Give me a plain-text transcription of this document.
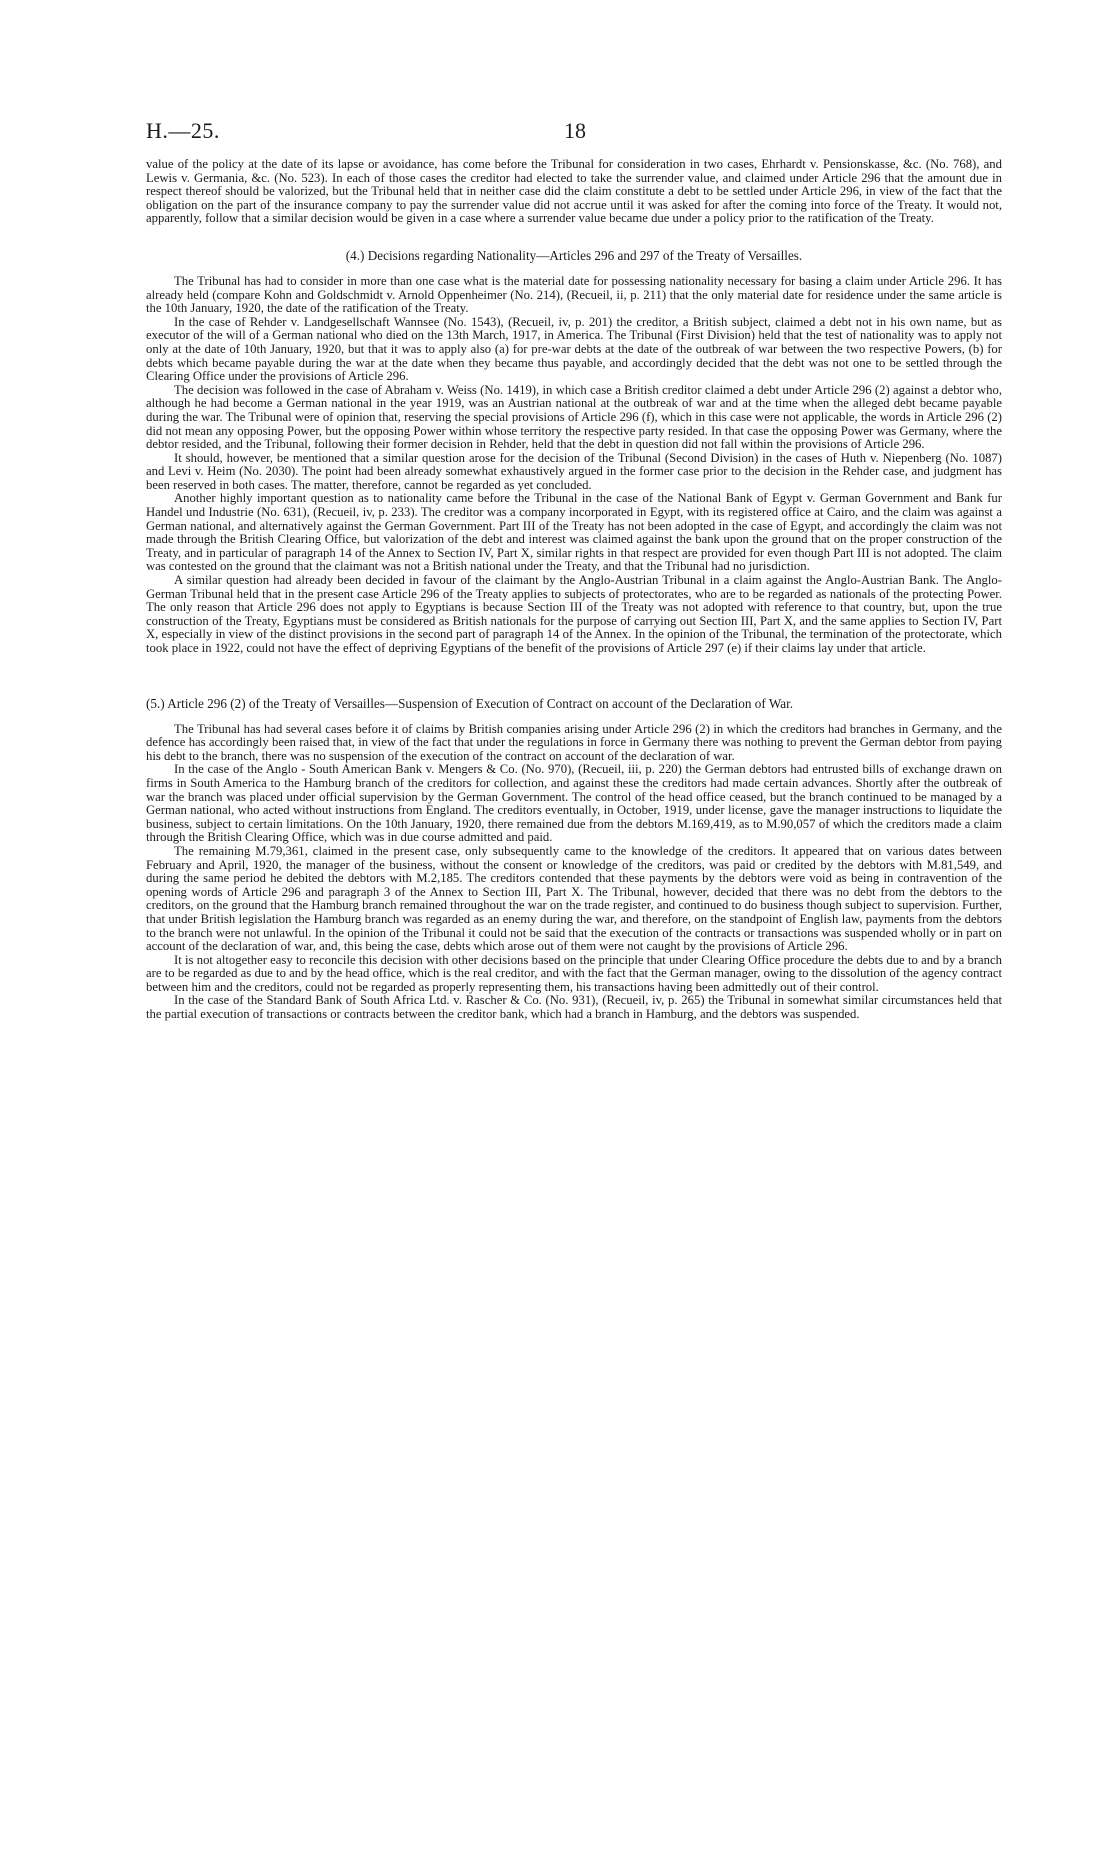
H.—25.	18

value of the policy at the date of its lapse or avoidance, has come before the Tribunal for consideration in two cases, Ehrhardt v. Pensionskasse, &c. (No. 768), and Lewis v. Germania, &c. (No. 523). In each of those cases the creditor had elected to take the surrender value, and claimed under Article 296 that the amount due in respect thereof should be valorized, but the Tribunal held that in neither case did the claim constitute a debt to be settled under Article 296, in view of the fact that the obligation on the part of the insurance company to pay the surrender value did not accrue until it was asked for after the coming into force of the Treaty. It would not, apparently, follow that a similar decision would be given in a case where a surrender value became due under a policy prior to the ratification of the Treaty.

(4.) Decisions regarding Nationality—Articles 296 and 297 of the Treaty of Versailles.

The Tribunal has had to consider in more than one case what is the material date for possessing nationality necessary for basing a claim under Article 296. It has already held (compare Kohn and Goldschmidt v. Arnold Oppenheimer (No. 214), (Recueil, ii, p. 211) that the only material date for residence under the same article is the 10th January, 1920, the date of the ratification of the Treaty.

In the case of Rehder v. Landgesellschaft Wannsee (No. 1543), (Recueil, iv, p. 201) the creditor, a British subject, claimed a debt not in his own name, but as executor of the will of a German national who died on the 13th March, 1917, in America. The Tribunal (First Division) held that the test of nationality was to apply not only at the date of 10th January, 1920, but that it was to apply also (a) for pre-war debts at the date of the outbreak of war between the two respective Powers, (b) for debts which became payable during the war at the date when they became thus payable, and accordingly decided that the debt was not one to be settled through the Clearing Office under the provisions of Article 296.

The decision was followed in the case of Abraham v. Weiss (No. 1419), in which case a British creditor claimed a debt under Article 296 (2) against a debtor who, although he had become a German national in the year 1919, was an Austrian national at the outbreak of war and at the time when the alleged debt became payable during the war. The Tribunal were of opinion that, reserving the special provisions of Article 296 (f), which in this case were not applicable, the words in Article 296 (2) did not mean any opposing Power, but the opposing Power within whose territory the respective party resided. In that case the opposing Power was Germany, where the debtor resided, and the Tribunal, following their former decision in Rehder, held that the debt in question did not fall within the provisions of Article 296.

It should, however, be mentioned that a similar question arose for the decision of the Tribunal (Second Division) in the cases of Huth v. Niepenberg (No. 1087) and Levi v. Heim (No. 2030). The point had been already somewhat exhaustively argued in the former case prior to the decision in the Rehder case, and judgment has been reserved in both cases. The matter, therefore, cannot be regarded as yet concluded.

Another highly important question as to nationality came before the Tribunal in the case of the National Bank of Egypt v. German Government and Bank fur Handel und Industrie (No. 631), (Recueil, iv, p. 233). The creditor was a company incorporated in Egypt, with its registered office at Cairo, and the claim was against a German national, and alternatively against the German Government. Part III of the Treaty has not been adopted in the case of Egypt, and accordingly the claim was not made through the British Clearing Office, but valorization of the debt and interest was claimed against the bank upon the ground that on the proper construction of the Treaty, and in particular of paragraph 14 of the Annex to Section IV, Part X, similar rights in that respect are provided for even though Part III is not adopted. The claim was contested on the ground that the claimant was not a British national under the Treaty, and that the Tribunal had no jurisdiction.

A similar question had already been decided in favour of the claimant by the Anglo-Austrian Tribunal in a claim against the Anglo-Austrian Bank. The Anglo-German Tribunal held that in the present case Article 296 of the Treaty applies to subjects of protectorates, who are to be regarded as nationals of the protecting Power. The only reason that Article 296 does not apply to Egyptians is because Section III of the Treaty was not adopted with reference to that country, but, upon the true construction of the Treaty, Egyptians must be considered as British nationals for the purpose of carrying out Section III, Part X, and the same applies to Section IV, Part X, especially in view of the distinct provisions in the second part of paragraph 14 of the Annex. In the opinion of the Tribunal, the termination of the protectorate, which took place in 1922, could not have the effect of depriving Egyptians of the benefit of the provisions of Article 297 (e) if their claims lay under that article.

(5.) Article 296 (2) of the Treaty of Versailles—Suspension of Execution of Contract on account of the Declaration of War.

The Tribunal has had several cases before it of claims by British companies arising under Article 296 (2) in which the creditors had branches in Germany, and the defence has accordingly been raised that, in view of the fact that under the regulations in force in Germany there was nothing to prevent the German debtor from paying his debt to the branch, there was no suspension of the execution of the contract on account of the declaration of war.

In the case of the Anglo - South American Bank v. Mengers & Co. (No. 970), (Recueil, iii, p. 220) the German debtors had entrusted bills of exchange drawn on firms in South America to the Hamburg branch of the creditors for collection, and against these the creditors had made certain advances. Shortly after the outbreak of war the branch was placed under official supervision by the German Government. The control of the head office ceased, but the branch continued to be managed by a German national, who acted without instructions from England. The creditors eventually, in October, 1919, under license, gave the manager instructions to liquidate the business, subject to certain limitations. On the 10th January, 1920, there remained due from the debtors M.169,419, as to M.90,057 of which the creditors made a claim through the British Clearing Office, which was in due course admitted and paid.

The remaining M.79,361, claimed in the present case, only subsequently came to the knowledge of the creditors. It appeared that on various dates between February and April, 1920, the manager of the business, without the consent or knowledge of the creditors, was paid or credited by the debtors with M.81,549, and during the same period he debited the debtors with M.2,185. The creditors contended that these payments by the debtors were void as being in contravention of the opening words of Article 296 and paragraph 3 of the Annex to Section III, Part X. The Tribunal, however, decided that there was no debt from the debtors to the creditors, on the ground that the Hamburg branch remained throughout the war on the trade register, and continued to do business though subject to supervision. Further, that under British legislation the Hamburg branch was regarded as an enemy during the war, and therefore, on the standpoint of English law, payments from the debtors to the branch were not unlawful. In the opinion of the Tribunal it could not be said that the execution of the contracts or transactions was suspended wholly or in part on account of the declaration of war, and, this being the case, debts which arose out of them were not caught by the provisions of Article 296.

It is not altogether easy to reconcile this decision with other decisions based on the principle that under Clearing Office procedure the debts due to and by a branch are to be regarded as due to and by the head office, which is the real creditor, and with the fact that the German manager, owing to the dissolution of the agency contract between him and the creditors, could not be regarded as properly representing them, his transactions having been admittedly out of their control.

In the case of the Standard Bank of South Africa Ltd. v. Rascher & Co. (No. 931), (Recueil, iv, p. 265) the Tribunal in somewhat similar circumstances held that the partial execution of transactions or contracts between the creditor bank, which had a branch in Hamburg, and the debtors was suspended.
